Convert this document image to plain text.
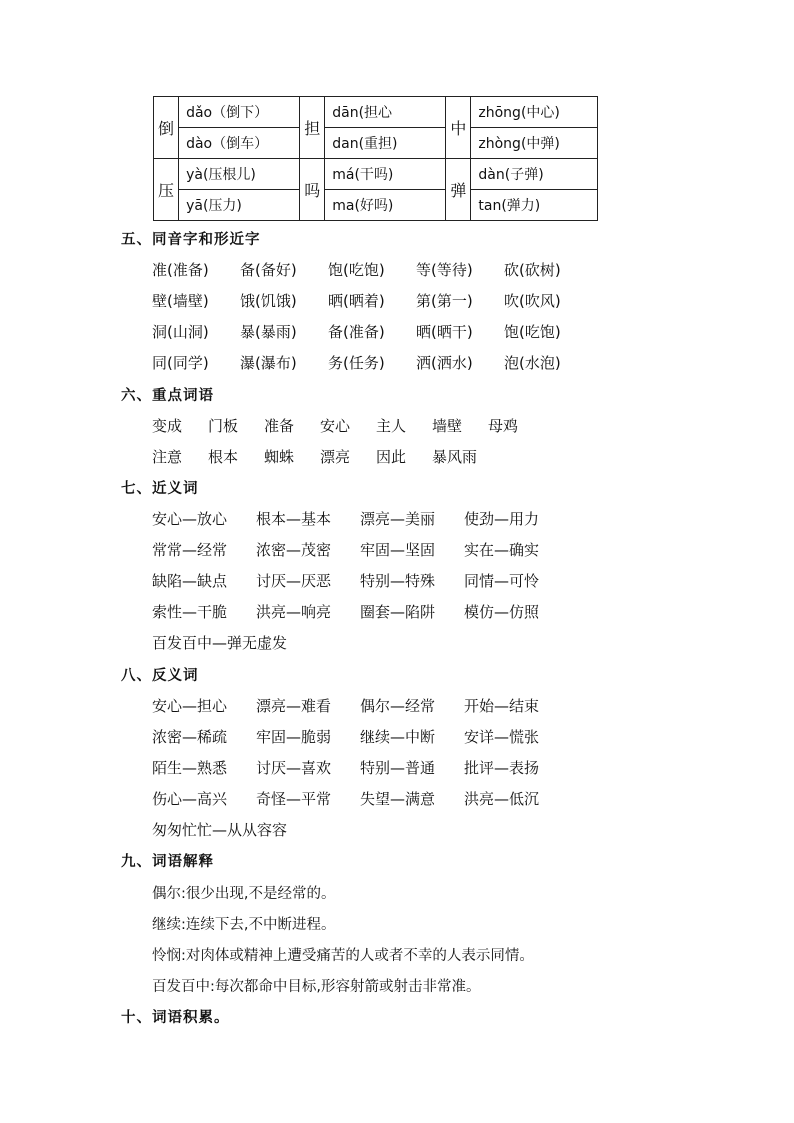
倒	dǎo（倒下）	担	dān(担心	中	zhōng(中心)
	dào（倒车）		dan(重担)		zhòng(中弹)
压	yà(压根儿)	吗	má(干吗)	弹	dàn(子弹)
	yā(压力)		ma(好吗)		tan(弹力)
五、同音字和形近字
准(准备) 备(备好) 饱(吃饱) 等(等待) 砍(砍树)
壁(墙壁) 饿(饥饿) 晒(晒着) 第(第一) 吹(吹风)
洞(山洞) 暴(暴雨) 备(准备) 晒(晒干) 饱(吃饱)
同(同学) 瀑(瀑布) 务(任务) 洒(洒水) 泡(水泡)
六、重点词语
变成 门板 准备 安心 主人 墙壁 母鸡
注意 根本 蜘蛛 漂亮 因此 暴风雨
七、近义词
安心—放心 根本—基本 漂亮—美丽 使劲—用力
常常—经常 浓密—茂密 牢固—坚固 实在—确实
缺陷—缺点 讨厌—厌恶 特别—特殊 同情—可怜
索性—干脆 洪亮—响亮 圈套—陷阱 模仿—仿照
百发百中—弹无虚发
八、反义词
安心—担心 漂亮—难看 偶尔—经常 开始—结束
浓密—稀疏 牢固—脆弱 继续—中断 安详—慌张
陌生—熟悉 讨厌—喜欢 特别—普通 批评—表扬
伤心—高兴 奇怪—平常 失望—满意 洪亮—低沉
匆匆忙忙—从从容容
九、词语解释
偶尔:很少出现,不是经常的。
继续:连续下去,不中断进程。
怜悯:对肉体或精神上遭受痛苦的人或者不幸的人表示同情。
百发百中:每次都命中目标,形容射箭或射击非常准。
十、词语积累。
